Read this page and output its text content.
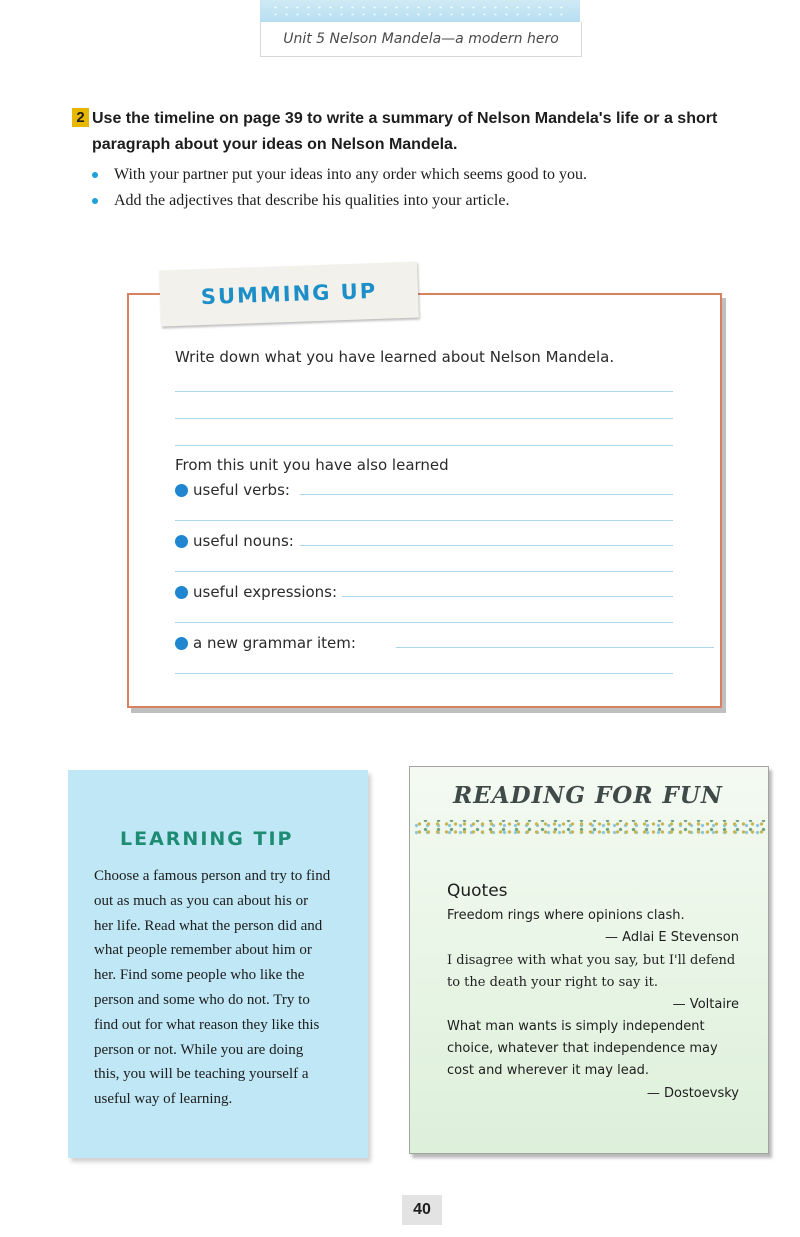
Unit 5 Nelson Mandela—a modern hero
2 Use the timeline on page 39 to write a summary of Nelson Mandela's life or a short
paragraph about your ideas on Nelson Mandela.
With your partner put your ideas into any order which seems good to you.
Add the adjectives that describe his qualities into your article.
SUMMING UP
Write down what you have learned about Nelson Mandela.
From this unit you have also learned
useful verbs:
useful nouns:
useful expressions:
a new grammar item:
LEARNING TIP
Choose a famous person and try to find
out as much as you can about his or
her life. Read what the person did and
what people remember about him or
her. Find some people who like the
person and some who do not. Try to
find out for what reason they like this
person or not. While you are doing
this, you will be teaching yourself a
useful way of learning.
READING FOR FUN
Quotes
Freedom rings where opinions clash.
— Adlai E Stevenson
I disagree with what you say, but I'll defend
to the death your right to say it.
— Voltaire
What man wants is simply independent
choice, whatever that independence may
cost and wherever it may lead.
— Dostoevsky
40
